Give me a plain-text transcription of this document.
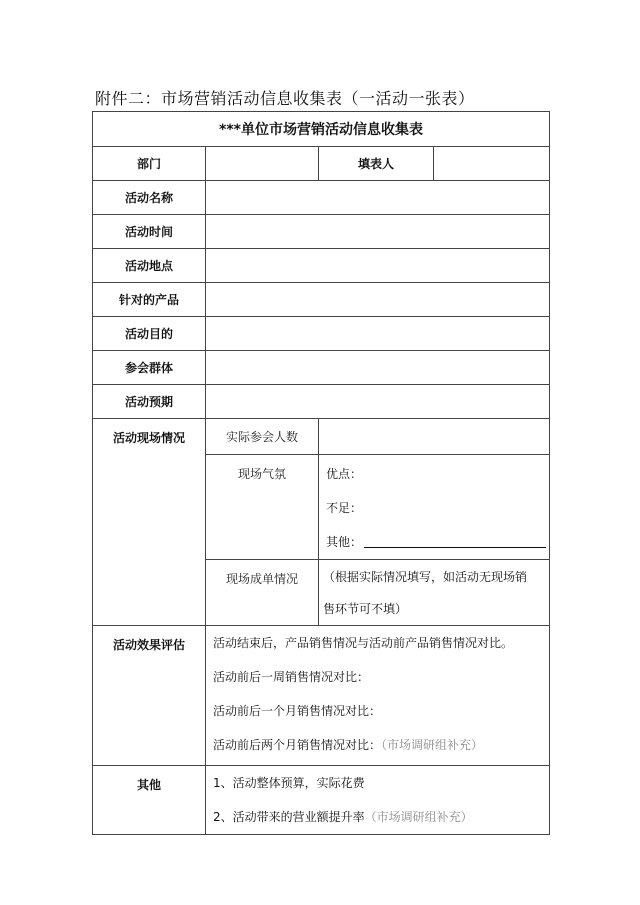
附件二：市场营销活动信息收集表（一活动一张表）
***单位市场营销活动信息收集表			
部门		填表人	
活动名称			
活动时间			
活动地点			
针对的产品			
活动目的			
参会群体			
活动预期			
活动现场情况	实际参会人数		
	现场气氛	优点：
不足：
其他：	

	现场成单情况	（根据实际情况填写，如活动无现场销
售环节可不填）	

活动效果评估	活动结束后，产品销售情况与活动前产品销售情况对比。
活动前后一周销售情况对比：
活动前后一个月销售情况对比：
活动前后两个月销售情况对比：（市场调研组补充）		

其他	1、活动整体预算，实际花费
2、活动带来的营业额提升率（市场调研组补充）		
